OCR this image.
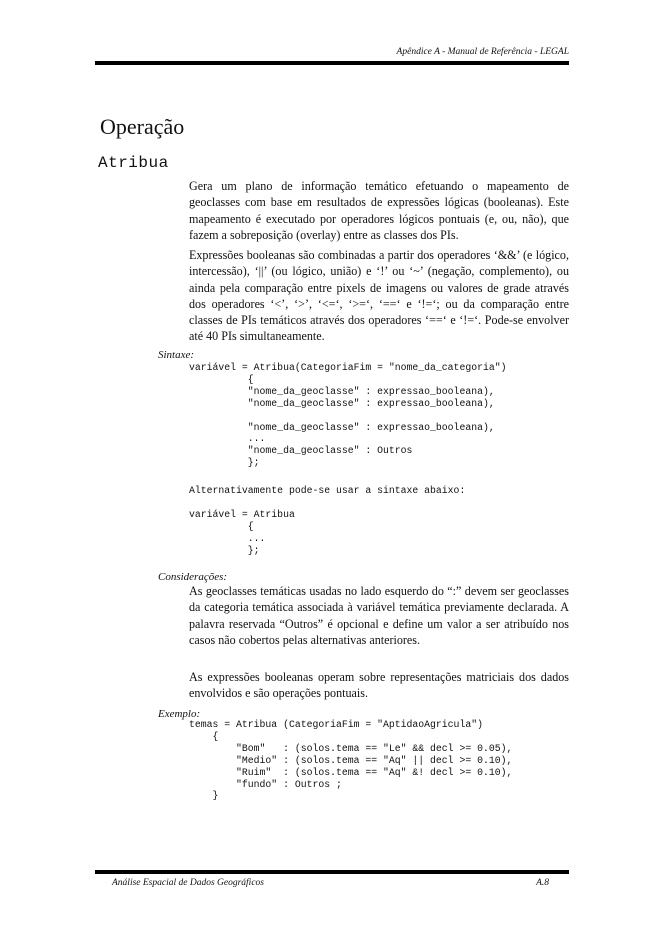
Apêndice A - Manual de Referência - LEGAL
Operação
Atribua
Gera um plano de informação temático efetuando o mapeamento de geoclasses com base em resultados de expressões lógicas (booleanas). Este mapeamento é executado por operadores lógicos pontuais (e, ou, não), que fazem a sobreposição (overlay) entre as classes dos PIs.
Expressões booleanas são combinadas a partir dos operadores ‘&&’ (e lógico, intercessão), ‘||’ (ou lógico, união) e ‘!’ ou ‘~’ (negação, complemento), ou ainda pela comparação entre pixels de imagens ou valores de grade através dos operadores ‘<’, ‘>’, ‘<=‘, ‘>=‘, ‘==‘ e ‘!=‘; ou da comparação entre classes de PIs temáticos através dos operadores ‘==‘ e ‘!=‘. Pode-se envolver até 40 PIs simultaneamente.
Sintaxe:
variável = Atribua(CategoriaFim = "nome_da_categoria")
{
"nome_da_geoclasse" : expressao_booleana),
"nome_da_geoclasse" : expressao_booleana),

"nome_da_geoclasse" : expressao_booleana),
...
"nome_da_geoclasse" : Outros
};
Alternativamente pode-se usar a sintaxe abaixo:
variável = Atribua
{
...
};
Considerações:
As geoclasses temáticas usadas no lado esquerdo do “:” devem ser geoclasses da categoria temática associada à variável temática previamente declarada. A palavra reservada “Outros” é opcional e define um valor a ser atribuído nos casos não cobertos pelas alternativas anteriores.
As expressões booleanas operam sobre representações matriciais dos dados envolvidos e são operações pontuais.
Exemplo:
temas = Atribua (CategoriaFim = "AptidaoAgricula")
{
"Bom"   : (solos.tema == "Le" && decl >= 0.05),
"Medio" : (solos.tema == "Aq" || decl >= 0.10),
"Ruim"  : (solos.tema == "Aq" &! decl >= 0.10),
"fundo" : Outros ;
}
Análise Espacial de Dados Geográficos	A.8
